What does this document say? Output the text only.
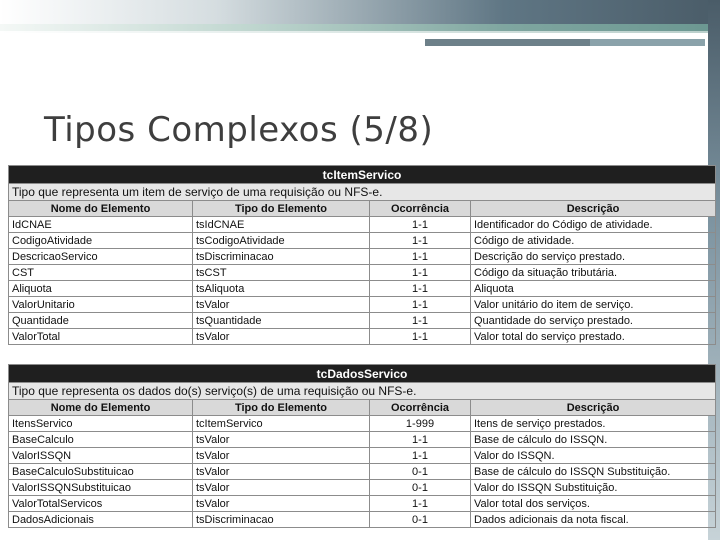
Tipos Complexos (5/8)
tcItemServico			
Tipo que representa um item de serviço de uma requisição ou NFS-e.			
Nome do Elemento	Tipo do Elemento	Ocorrência	Descrição
IdCNAE	tsIdCNAE	1-1	Identificador do Código de atividade.
CodigoAtividade	tsCodigoAtividade	1-1	Código de atividade.
DescricaoServico	tsDiscriminacao	1-1	Descrição do serviço prestado.
CST	tsCST	1-1	Código da situação tributária.
Aliquota	tsAliquota	1-1	Aliquota
ValorUnitario	tsValor	1-1	Valor unitário do item de serviço.
Quantidade	tsQuantidade	1-1	Quantidade do serviço prestado.
ValorTotal	tsValor	1-1	Valor total do serviço prestado.
tcDadosServico			
Tipo que representa os dados do(s) serviço(s) de uma requisição ou NFS-e.			
Nome do Elemento	Tipo do Elemento	Ocorrência	Descrição
ItensServico	tcItemServico	1-999	Itens de serviço prestados.
BaseCalculo	tsValor	1-1	Base de cálculo do ISSQN.
ValorISSQN	tsValor	1-1	Valor do ISSQN.
BaseCalculoSubstituicao	tsValor	0-1	Base de cálculo do ISSQN Substituição.
ValorISSQNSubstituicao	tsValor	0-1	Valor do ISSQN Substituição.
ValorTotalServicos	tsValor	1-1	Valor total dos serviços.
DadosAdicionais	tsDiscriminacao	0-1	Dados adicionais da nota fiscal.
